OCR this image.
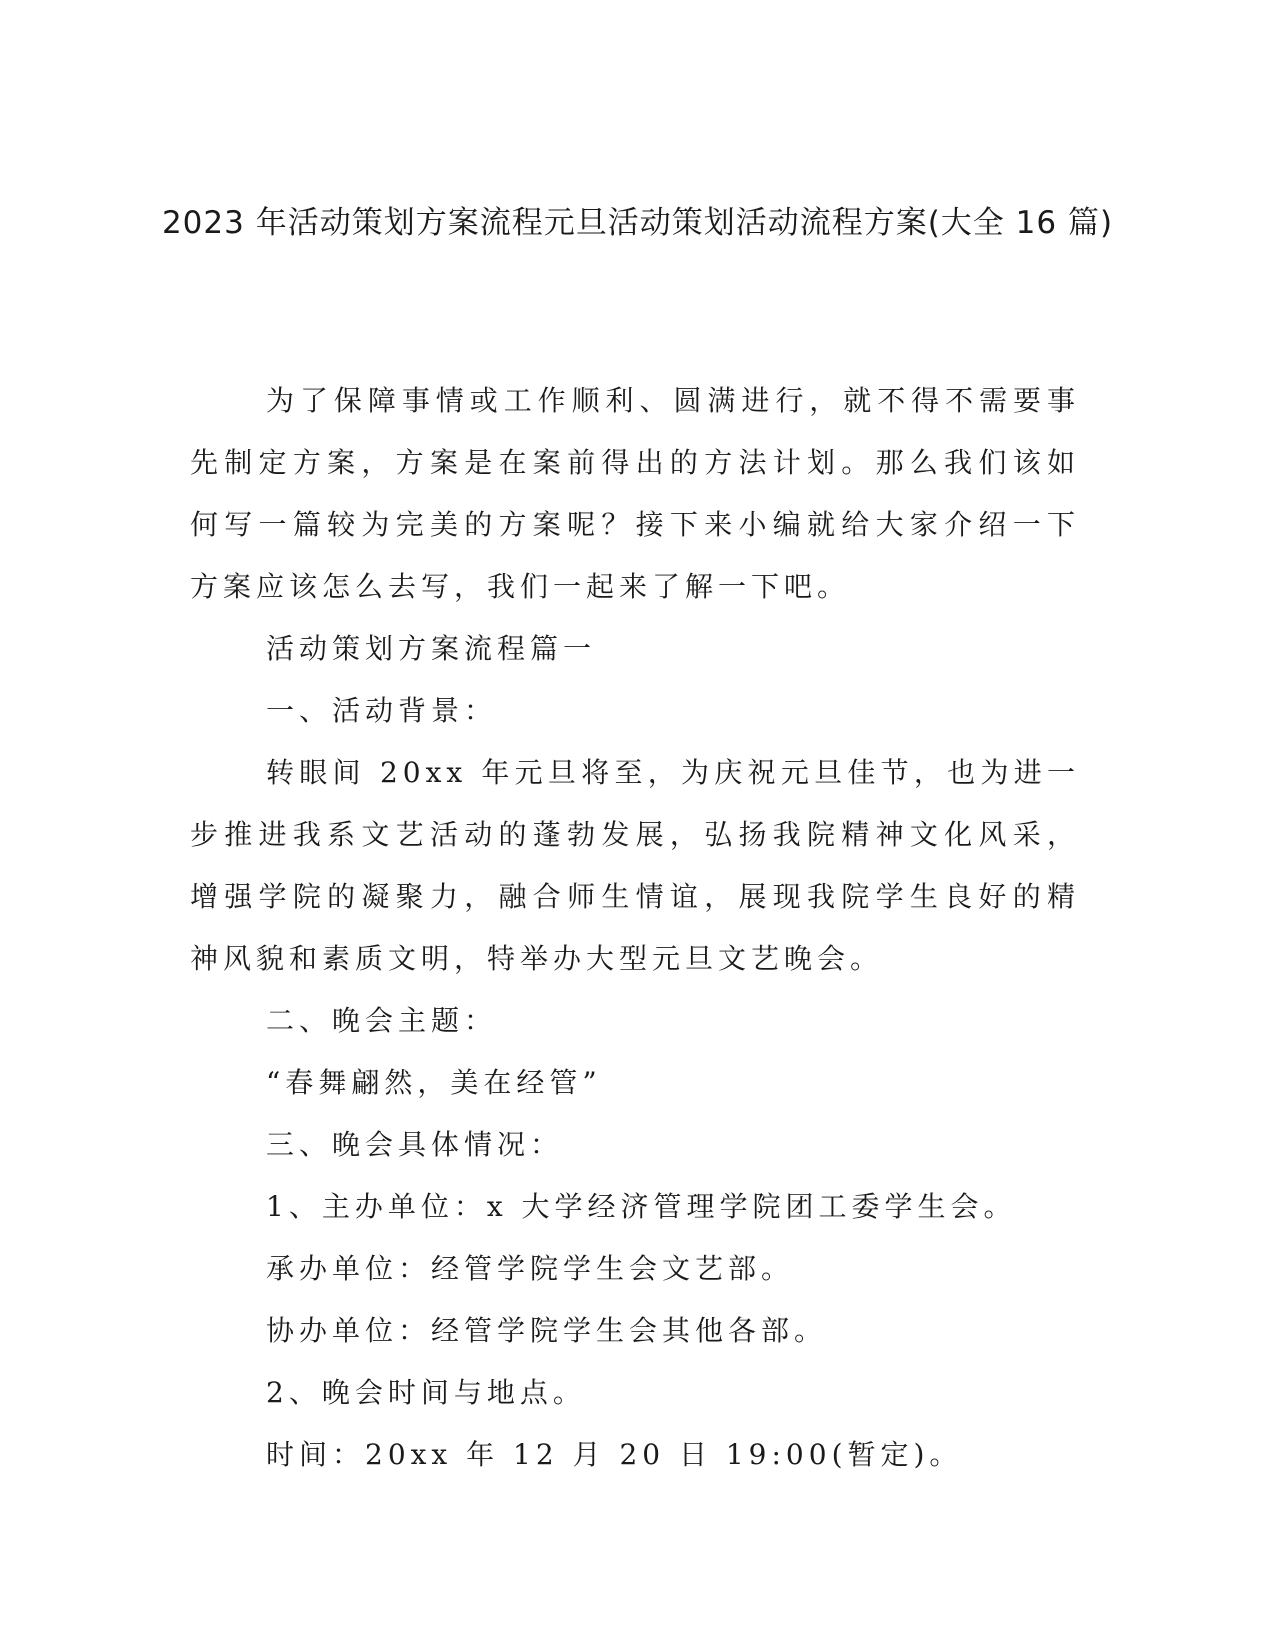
2023 年活动策划方案流程元旦活动策划活动流程方案(大全 16 篇)

为了保障事情或工作顺利、圆满进行，就不得不需要事先制定方案，方案是在案前得出的方法计划。那么我们该如何写一篇较为完美的方案呢？接下来小编就给大家介绍一下方案应该怎么去写，我们一起来了解一下吧。

活动策划方案流程篇一

一、活动背景：

转眼间 20xx 年元旦将至，为庆祝元旦佳节，也为进一步推进我系文艺活动的蓬勃发展，弘扬我院精神文化风采，增强学院的凝聚力，融合师生情谊，展现我院学生良好的精神风貌和素质文明，特举办大型元旦文艺晚会。

二、晚会主题：

“春舞翩然，美在经管”

三、晚会具体情况：

1、主办单位：x 大学经济管理学院团工委学生会。

承办单位：经管学院学生会文艺部。

协办单位：经管学院学生会其他各部。

2、晚会时间与地点。

时间：20xx 年 12 月 20 日 19:00(暂定)。
